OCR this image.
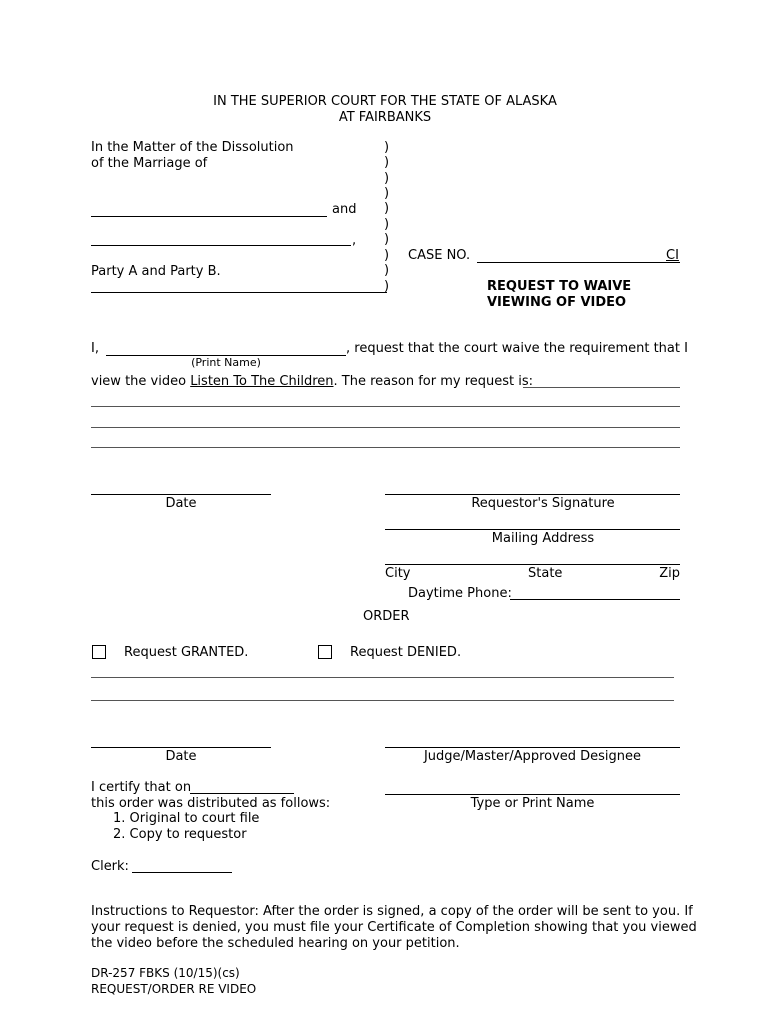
IN THE SUPERIOR COURT FOR THE STATE OF ALASKA
AT FAIRBANKS
In the Matter of the Dissolution
of the Marriage of
and
,
Party A and Party B.
)
)
)
)
)
)
)
)
)
)
CASE NO.	CI
REQUEST TO WAIVE
VIEWING OF VIDEO
I,	, request that the court waive the requirement that I
(Print Name)
view the video Listen To The Children. The reason for my request is:
Date	Requestor's Signature
Mailing Address
City	State	Zip
Daytime Phone:
ORDER
Request GRANTED.	Request DENIED.
Date	Judge/Master/Approved Designee
I certify that on
this order was distributed as follows:
1. Original to court file
2. Copy to requestor
Type or Print Name
Clerk:
Instructions to Requestor: After the order is signed, a copy of the order will be sent to you. If
your request is denied, you must file your Certificate of Completion showing that you viewed
the video before the scheduled hearing on your petition.
DR-257 FBKS (10/15)(cs)
REQUEST/ORDER RE VIDEO
